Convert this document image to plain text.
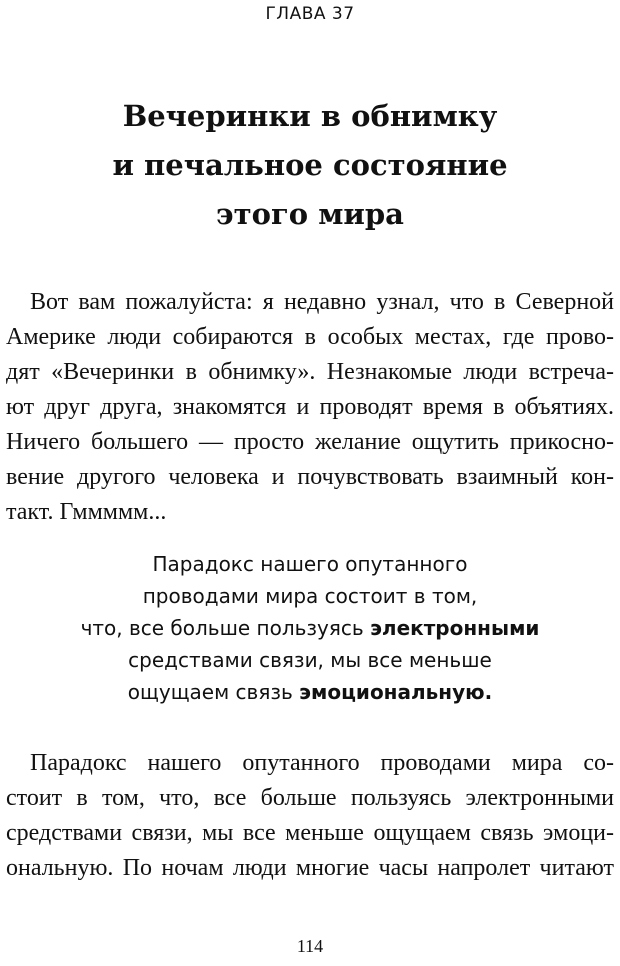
ГЛАВА 37

Вечеринки в обнимку
и печальное состояние
этого мира

Вот вам пожалуйста: я недавно узнал, что в Северной
Америке люди собираются в особых местах, где прово-
дят «Вечеринки в обнимку». Незнакомые люди встреча-
ют друг друга, знакомятся и проводят время в объятиях.
Ничего большего — просто желание ощутить прикосно-
вение другого человека и почувствовать взаимный кон-
такт. Гммммм...

Парадокс нашего опутанного
проводами мира состоит в том,
что, все больше пользуясь электронными
средствами связи, мы все меньше
ощущаем связь эмоциональную.

Парадокс нашего опутанного проводами мира со-
стоит в том, что, все больше пользуясь электронными
средствами связи, мы все меньше ощущаем связь эмоци-
ональную. По ночам люди многие часы напролет читают

114
